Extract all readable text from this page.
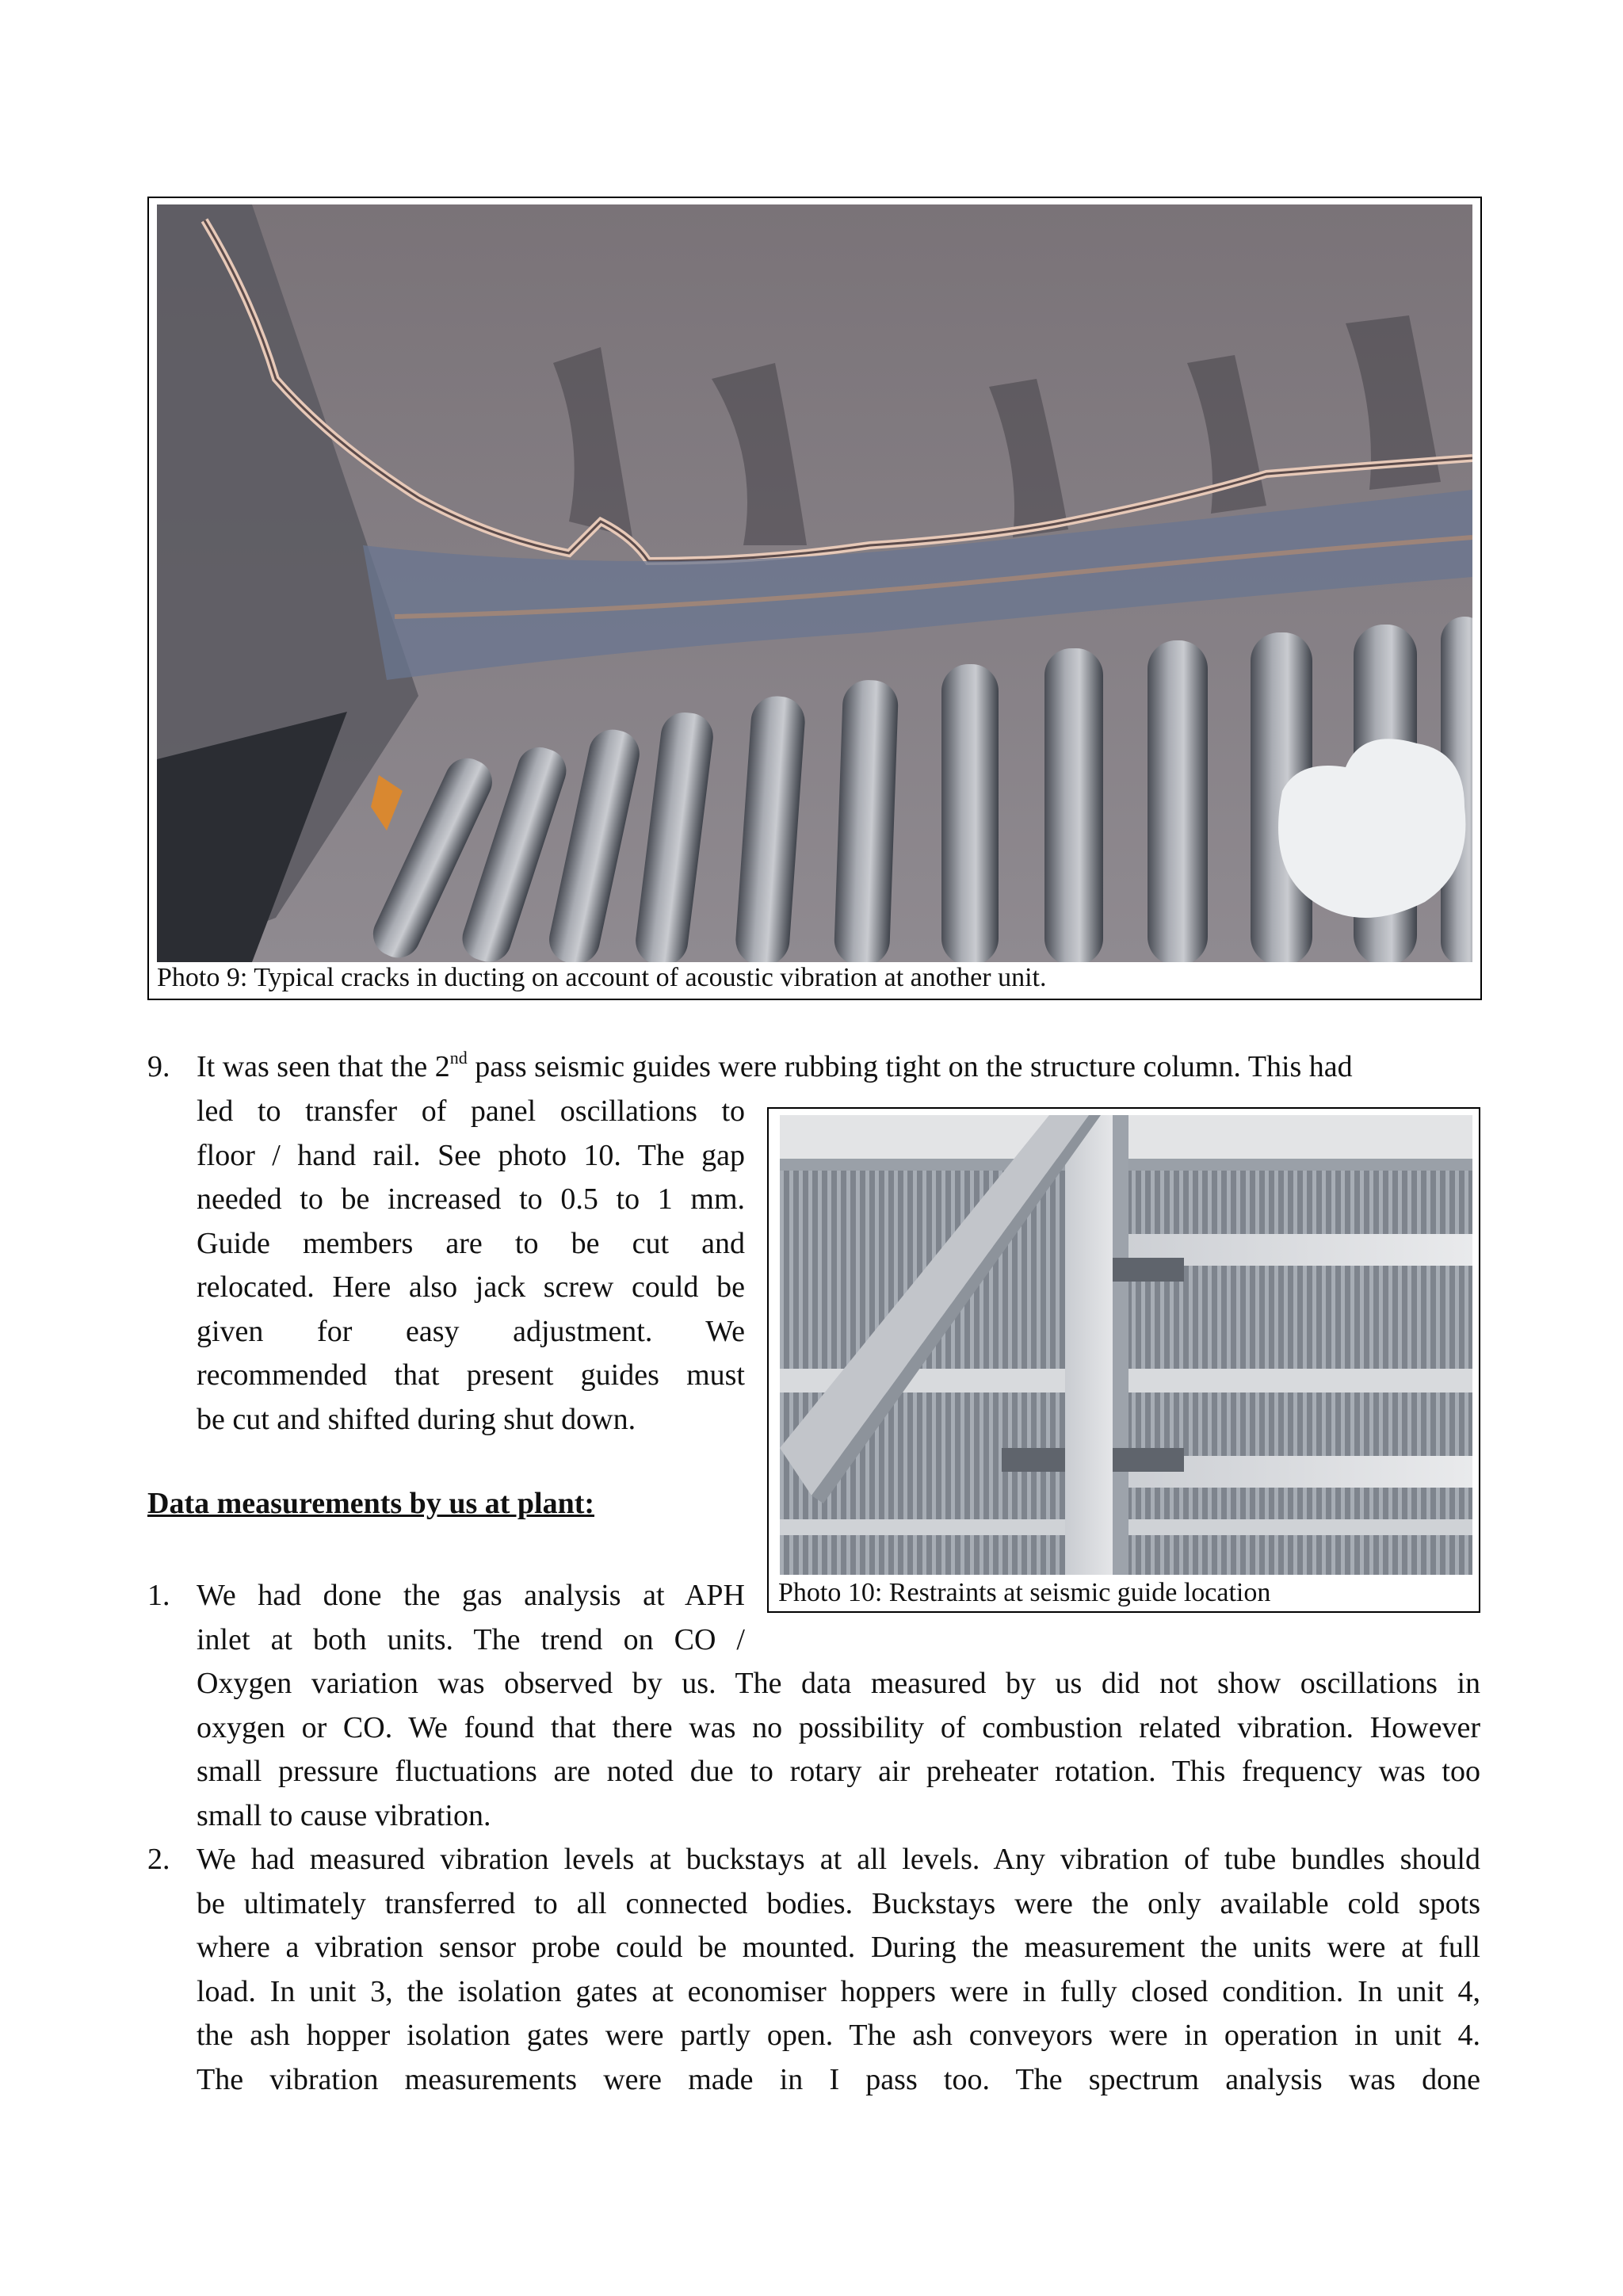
Photo 9: Typical cracks in ducting on account of acoustic vibration at another unit.
9. It was seen that the 2nd pass seismic guides were rubbing tight on the structure column. This had
led to transfer of panel oscillations to
floor / hand rail. See photo 10. The gap
needed to be increased to 0.5 to 1 mm.
Guide members are to be cut and
relocated. Here also jack screw could be
given for easy adjustment. We
recommended that present guides must
be cut and shifted during shut down.
Photo 10: Restraints at seismic guide location
Data measurements by us at plant:
1. We had done the gas analysis at APH
inlet at both units. The trend on CO /
Oxygen variation was observed by us. The data measured by us did not show oscillations in
oxygen or CO. We found that there was no possibility of combustion related vibration. However
small pressure fluctuations are noted due to rotary air preheater rotation. This frequency was too
small to cause vibration.
2. We had measured vibration levels at buckstays at all levels. Any vibration of tube bundles should
be ultimately transferred to all connected bodies. Buckstays were the only available cold spots
where a vibration sensor probe could be mounted. During the measurement the units were at full
load. In unit 3, the isolation gates at economiser hoppers were in fully closed condition. In unit 4,
the ash hopper isolation gates were partly open. The ash conveyors were in operation in unit 4.
The vibration measurements were made in I pass too. The spectrum analysis was done
